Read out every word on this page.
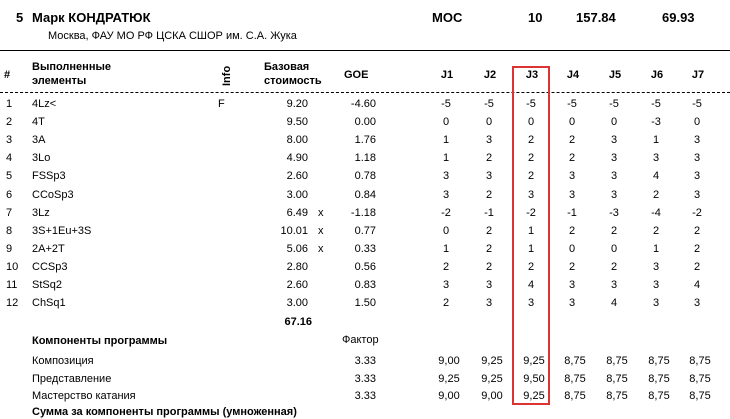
5 Марк КОНДРАТЮК
Москва, ФАУ МО РФ ЦСКА СШОР им. С.А. Жука
MOC	10	157.84	69.93
#
Выполненные
элементы	Info	Базовая
стоимость GOE	J1	J2	J3	J4	J5	J6	J7
1 4Lz<	F	9.20	-4.60	-5	-5	-5	-5	-5	-5	-5
2 4T	9.50	0.00	0	0	0	0	0	-3	0
3 3A	8.00	1.76	1	3	2	2	3	1	3
4 3Lo	4.90	1.18	1	2	2	2	3	3	3
5 FSSp3	2.60	0.78	3	3	2	3	3	4	3
6 CCoSp3	3.00	0.84	3	2	3	3	3	2	3
7 3Lz	6.49 x	-1.18	-2	-1	-2	-1	-3	-4	-2
8 3S+1Eu+3S	10.01 x	0.77	0	2	1	2	2	2	2
9 2A+2T	5.06 x	0.33	1	2	1	0	0	1	2
10 CCSp3	2.80	0.56	2	2	2	2	2	3	2
11 StSq2	2.60	0.83	3	3	4	3	3	3	4
12 ChSq1	3.00	1.50	2	3	3	3	4	3	3
67.16
Компоненты программы	Фактор
Композиция	3.33	9,00	9,25	9,25	8,75	8,75	8,75	8,75
Представление	3.33	9,25	9,25	9,50	8,75	8,75	8,75	8,75
Мастерство катания	3.33	9,00	9,00	9,25	8,75	8,75	8,75	8,75
Сумма за компоненты программы (умноженная)
